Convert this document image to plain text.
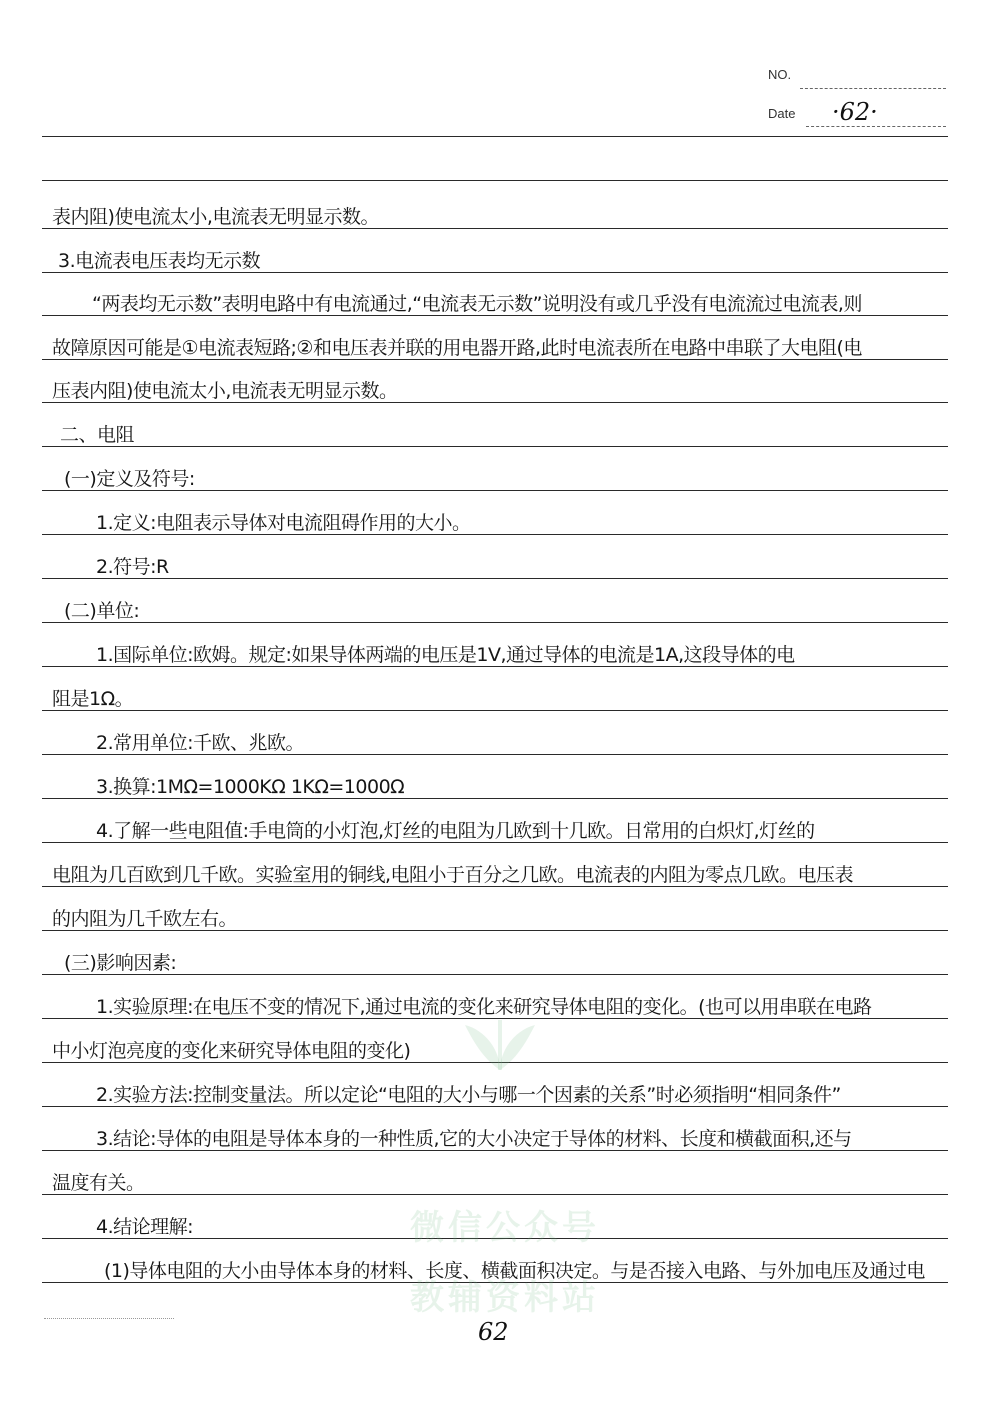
NO.
Date ·62·
微信公众号
教辅资料站
表内阻)使电流太小,电流表无明显示数。
3.电流表电压表均无示数
“两表均无示数”表明电路中有电流通过,“电流表无示数”说明没有或几乎没有电流流过电流表,则
故障原因可能是①电流表短路;②和电压表并联的用电器开路,此时电流表所在电路中串联了大电阻(电
压表内阻)使电流太小,电流表无明显示数。
二、电阻
(一)定义及符号:
1.定义:电阻表示导体对电流阻碍作用的大小。
2.符号:R
(二)单位:
1.国际单位:欧姆。规定:如果导体两端的电压是1V,通过导体的电流是1A,这段导体的电
阻是1Ω。
2.常用单位:千欧、兆欧。
3.换算:1MΩ=1000KΩ 1KΩ=1000Ω
4.了解一些电阻值:手电筒的小灯泡,灯丝的电阻为几欧到十几欧。日常用的白炽灯,灯丝的
电阻为几百欧到几千欧。实验室用的铜线,电阻小于百分之几欧。电流表的内阻为零点几欧。电压表
的内阻为几千欧左右。
(三)影响因素:
1.实验原理:在电压不变的情况下,通过电流的变化来研究导体电阻的变化。(也可以用串联在电路
中小灯泡亮度的变化来研究导体电阻的变化)
2.实验方法:控制变量法。所以定论“电阻的大小与哪一个因素的关系”时必须指明“相同条件”
3.结论:导体的电阻是导体本身的一种性质,它的大小决定于导体的材料、长度和横截面积,还与
温度有关。
4.结论理解:
(1)导体电阻的大小由导体本身的材料、长度、横截面积决定。与是否接入电路、与外加电压及通过电
62
